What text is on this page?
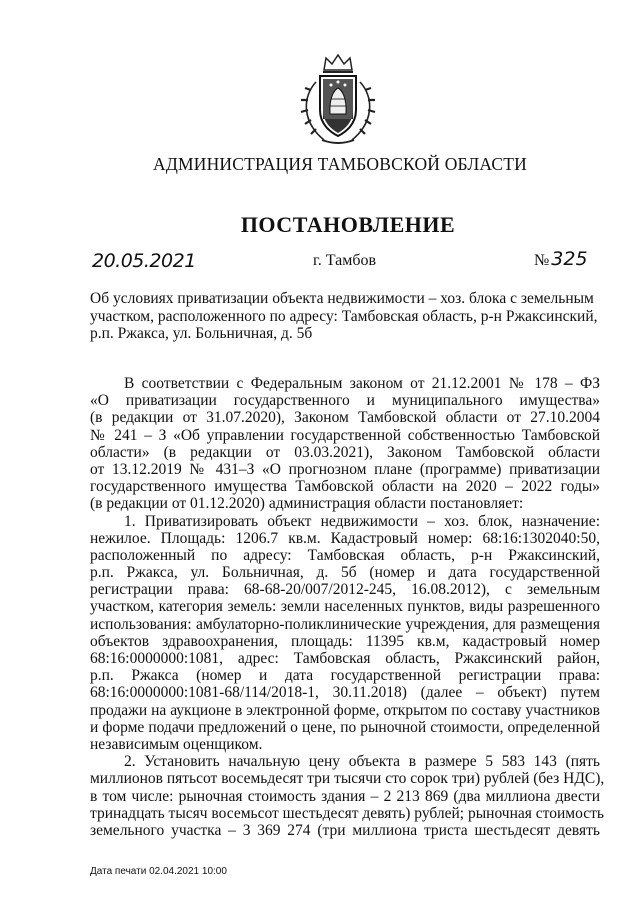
АДМИНИСТРАЦИЯ ТАМБОВСКОЙ ОБЛАСТИ
ПОСТАНОВЛЕНИЕ
20.05.2021	г. Тамбов	№ 325
Об условиях приватизации объекта недвижимости – хоз. блока с земельным
участком, расположенного по адресу: Тамбовская область, р-н Ржаксинский,
р.п. Ржакса, ул. Больничная, д. 5б
В соответствии с Федеральным законом от 21.12.2001 № 178 – ФЗ
«О приватизации государственного и муниципального имущества»
(в редакции от 31.07.2020), Законом Тамбовской области от 27.10.2004
№ 241 – З «Об управлении государственной собственностью Тамбовской
области» (в редакции от 03.03.2021), Законом Тамбовской области
от 13.12.2019 № 431–З «О прогнозном плане (программе) приватизации
государственного имущества Тамбовской области на 2020 – 2022 годы»
(в редакции от 01.12.2020) администрация области постановляет:
1. Приватизировать объект недвижимости – хоз. блок, назначение:
нежилое. Площадь: 1206.7 кв.м. Кадастровый номер: 68:16:1302040:50,
расположенный по адресу: Тамбовская область, р-н Ржаксинский,
р.п. Ржакса, ул. Больничная, д. 5б (номер и дата государственной
регистрации права: 68-68-20/007/2012-245, 16.08.2012), с земельным
участком, категория земель: земли населенных пунктов, виды разрешенного
использования: амбулаторно-поликлинические учреждения, для размещения
объектов здравоохранения, площадь: 11395 кв.м, кадастровый номер
68:16:0000000:1081, адрес: Тамбовская область, Ржаксинский район,
р.п. Ржакса (номер и дата государственной регистрации права:
68:16:0000000:1081-68/114/2018-1, 30.11.2018) (далее – объект) путем
продажи на аукционе в электронной форме, открытом по составу участников
и форме подачи предложений о цене, по рыночной стоимости, определенной
независимым оценщиком.
2. Установить начальную цену объекта в размере 5 583 143 (пять
миллионов пятьсот восемьдесят три тысячи сто сорок три) рублей (без НДС),
в том числе: рыночная стоимость здания – 2 213 869 (два миллиона двести
тринадцать тысяч восемьсот шестьдесят девять) рублей; рыночная стоимость
земельного участка – 3 369 274 (три миллиона триста шестьдесят девять
Дата печати 02.04.2021 10:00
